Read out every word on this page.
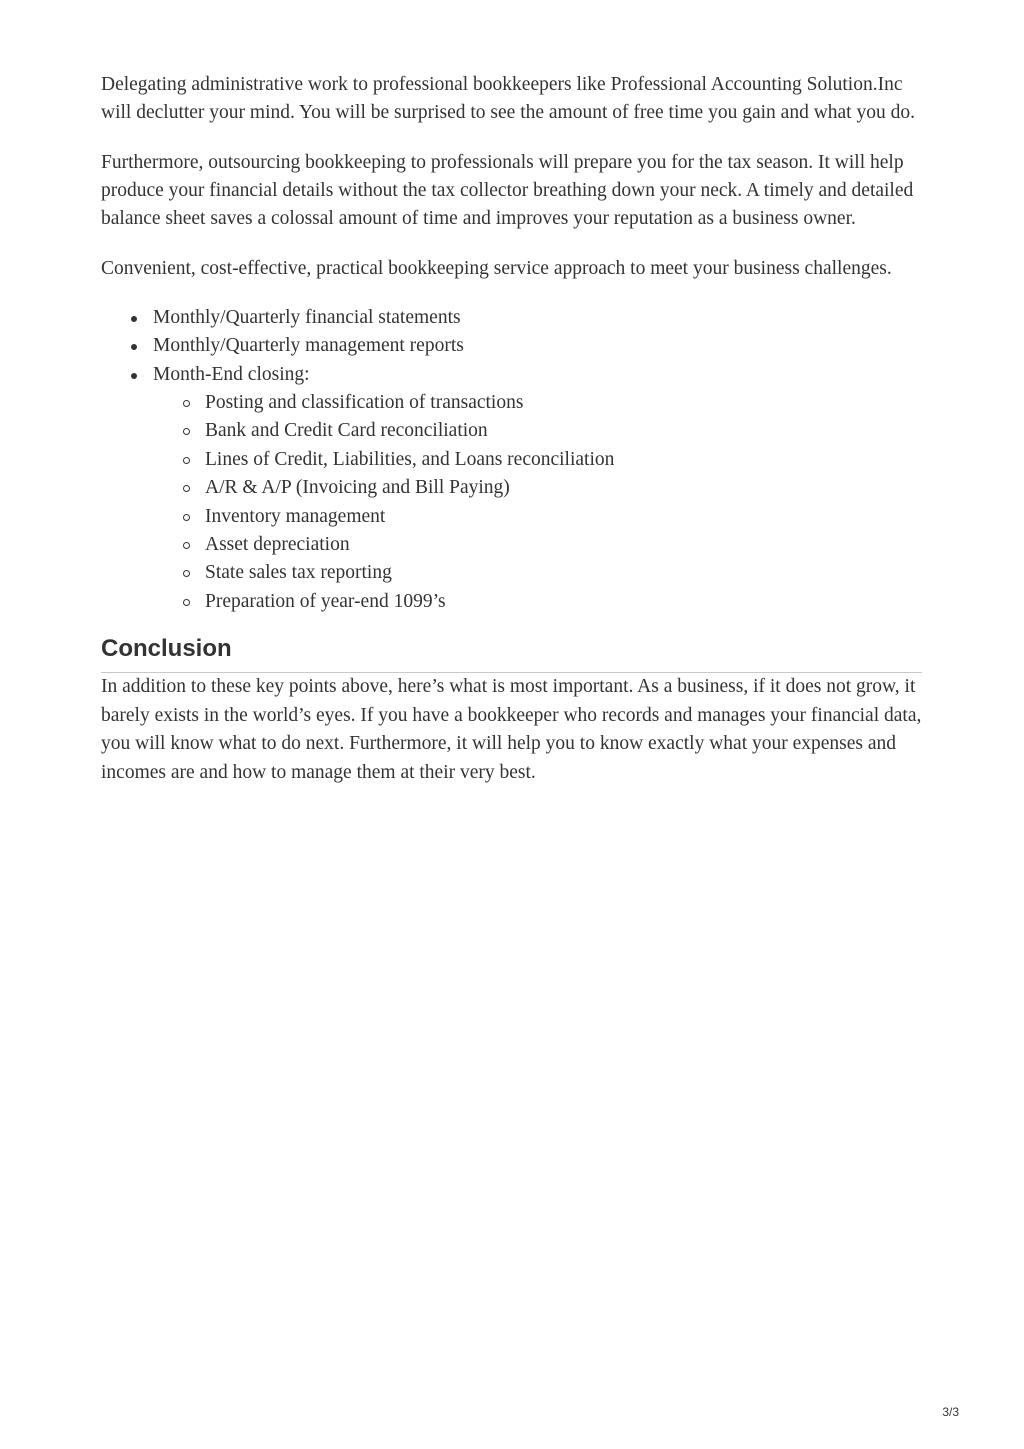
Delegating administrative work to professional bookkeepers like Professional Accounting Solution.Inc will declutter your mind. You will be surprised to see the amount of free time you gain and what you do.

Furthermore, outsourcing bookkeeping to professionals will prepare you for the tax season. It will help produce your financial details without the tax collector breathing down your neck. A timely and detailed balance sheet saves a colossal amount of time and improves your reputation as a business owner.

Convenient, cost-effective, practical bookkeeping service approach to meet your business challenges.

Monthly/Quarterly financial statements
Monthly/Quarterly management reports
Month-End closing:
Posting and classification of transactions
Bank and Credit Card reconciliation
Lines of Credit, Liabilities, and Loans reconciliation
A/R & A/P (Invoicing and Bill Paying)
Inventory management
Asset depreciation
State sales tax reporting
Preparation of year-end 1099’s
Conclusion

In addition to these key points above, here’s what is most important. As a business, if it does not grow, it barely exists in the world’s eyes. If you have a bookkeeper who records and manages your financial data, you will know what to do next. Furthermore, it will help you to know exactly what your expenses and incomes are and how to manage them at their very best.

3/3
